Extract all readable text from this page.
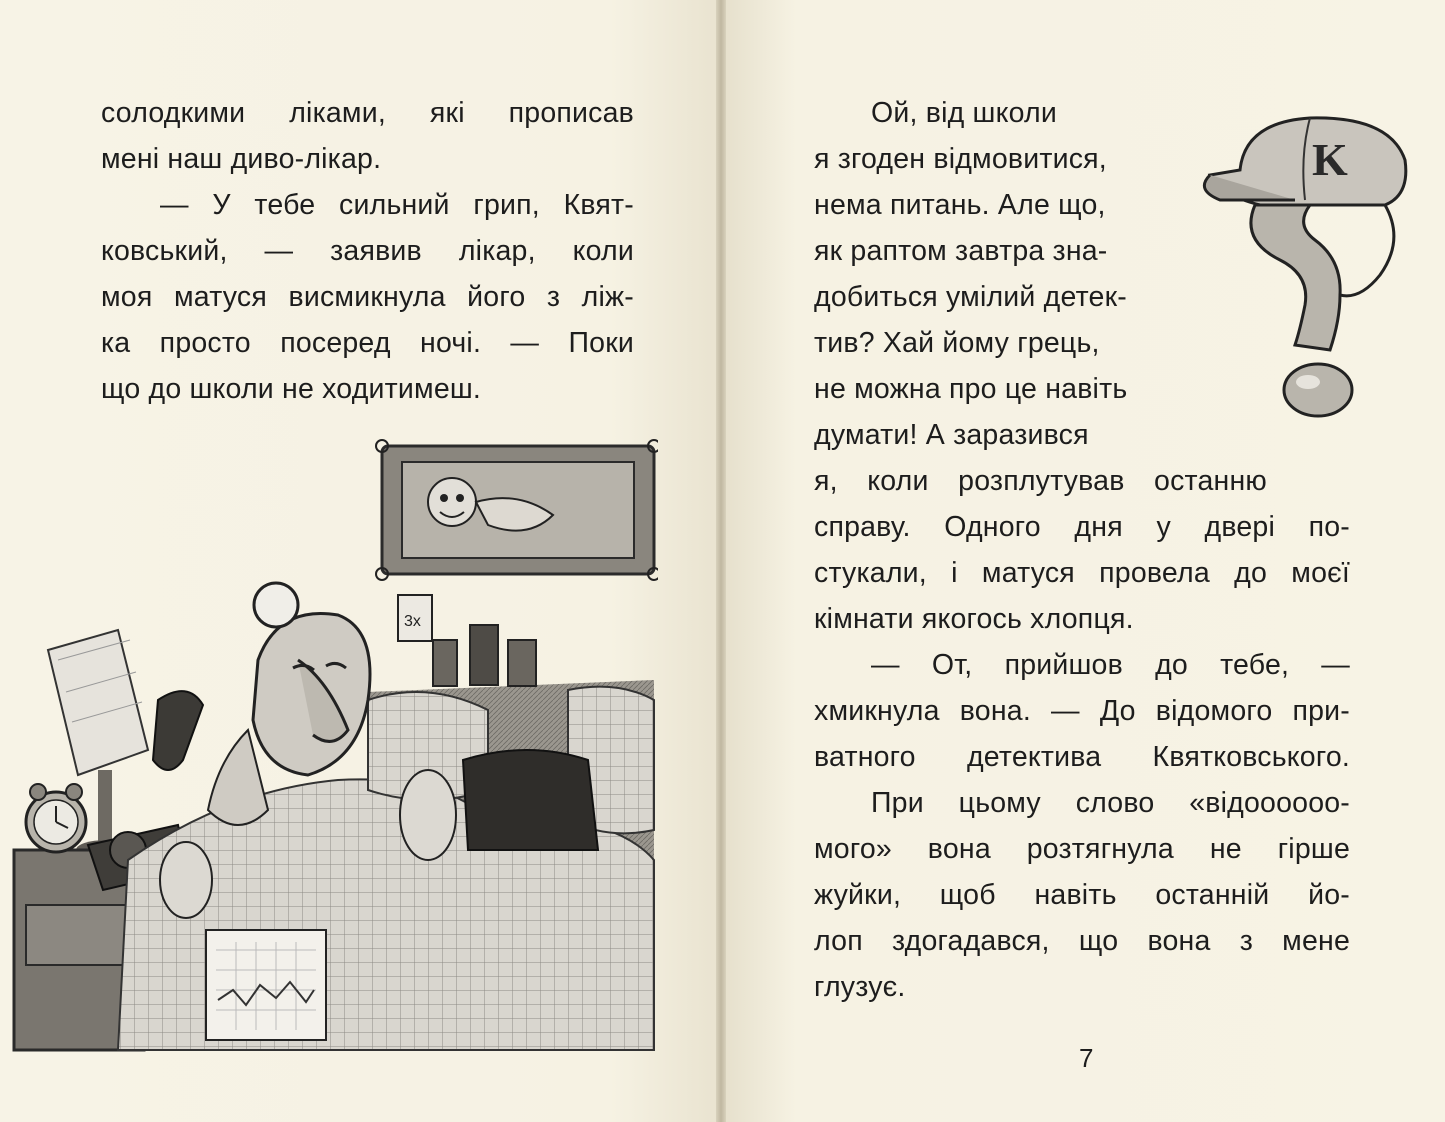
солодкими ліками, які прописав
мені наш диво-лікар.
— У тебе сильний грип, Квят-
ковський, — заявив лікар, коли
моя матуся висмикнула його з ліж-
ка просто посеред ночі. — Поки
що до школи не ходитимеш.
3x
Ой, від школи
я згоден відмовитися,
нема питань. Але що,
як раптом завтра зна-
добиться умілий детек-
тив? Хай йому грець,
не можна про це навіть
думати! А заразився
я, коли розплутував останню
справу. Одного дня у двері по-
стукали, і матуся провела до моєї
кімнати якогось хлопця.
— От, прийшов до тебе, —
хмикнула вона. — До відомого при-
ватного детектива Квятковського.
При цьому слово «відоооооо-
мого» вона розтягнула не гірше
жуйки, щоб навіть останній йо-
лоп здогадався, що вона з мене
глузує.
K
7
